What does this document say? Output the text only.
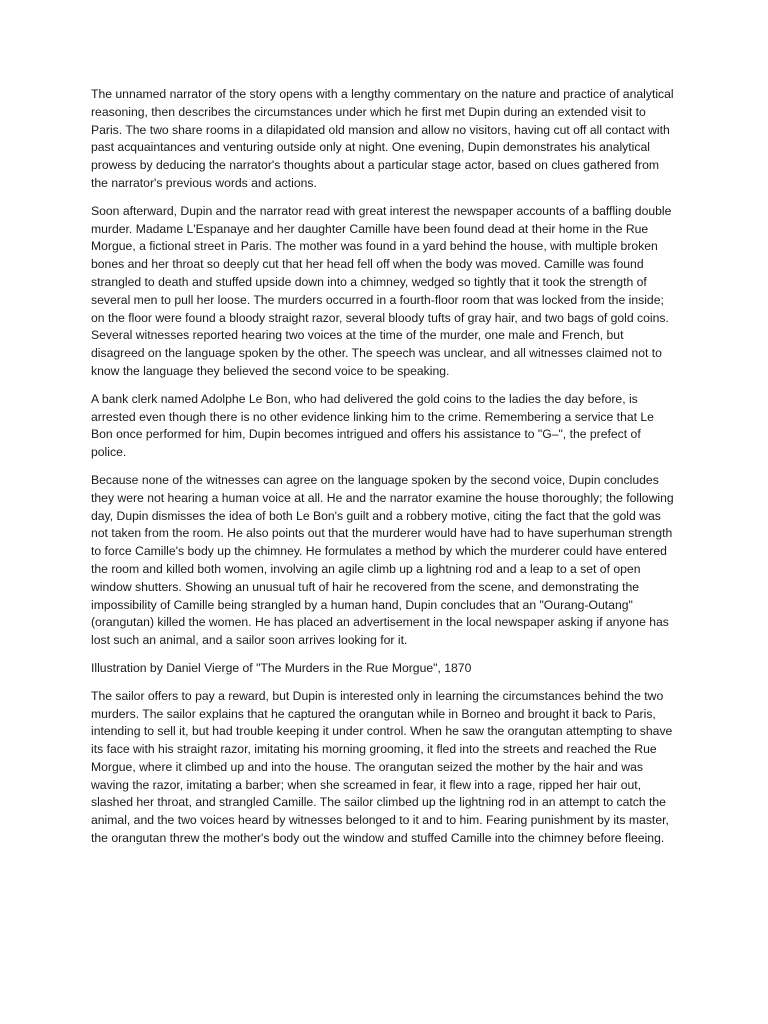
The unnamed narrator of the story opens with a lengthy commentary on the nature and practice of analytical reasoning, then describes the circumstances under which he first met Dupin during an extended visit to Paris. The two share rooms in a dilapidated old mansion and allow no visitors, having cut off all contact with past acquaintances and venturing outside only at night. One evening, Dupin demonstrates his analytical prowess by deducing the narrator's thoughts about a particular stage actor, based on clues gathered from the narrator's previous words and actions.

Soon afterward, Dupin and the narrator read with great interest the newspaper accounts of a baffling double murder. Madame L'Espanaye and her daughter Camille have been found dead at their home in the Rue Morgue, a fictional street in Paris. The mother was found in a yard behind the house, with multiple broken bones and her throat so deeply cut that her head fell off when the body was moved. Camille was found strangled to death and stuffed upside down into a chimney, wedged so tightly that it took the strength of several men to pull her loose. The murders occurred in a fourth-floor room that was locked from the inside; on the floor were found a bloody straight razor, several bloody tufts of gray hair, and two bags of gold coins. Several witnesses reported hearing two voices at the time of the murder, one male and French, but disagreed on the language spoken by the other. The speech was unclear, and all witnesses claimed not to know the language they believed the second voice to be speaking.

A bank clerk named Adolphe Le Bon, who had delivered the gold coins to the ladies the day before, is arrested even though there is no other evidence linking him to the crime. Remembering a service that Le Bon once performed for him, Dupin becomes intrigued and offers his assistance to "G–", the prefect of police.

Because none of the witnesses can agree on the language spoken by the second voice, Dupin concludes they were not hearing a human voice at all. He and the narrator examine the house thoroughly; the following day, Dupin dismisses the idea of both Le Bon's guilt and a robbery motive, citing the fact that the gold was not taken from the room. He also points out that the murderer would have had to have superhuman strength to force Camille's body up the chimney. He formulates a method by which the murderer could have entered the room and killed both women, involving an agile climb up a lightning rod and a leap to a set of open window shutters. Showing an unusual tuft of hair he recovered from the scene, and demonstrating the impossibility of Camille being strangled by a human hand, Dupin concludes that an "Ourang-Outang" (orangutan) killed the women. He has placed an advertisement in the local newspaper asking if anyone has lost such an animal, and a sailor soon arrives looking for it.

Illustration by Daniel Vierge of "The Murders in the Rue Morgue", 1870

The sailor offers to pay a reward, but Dupin is interested only in learning the circumstances behind the two murders. The sailor explains that he captured the orangutan while in Borneo and brought it back to Paris, intending to sell it, but had trouble keeping it under control. When he saw the orangutan attempting to shave its face with his straight razor, imitating his morning grooming, it fled into the streets and reached the Rue Morgue, where it climbed up and into the house. The orangutan seized the mother by the hair and was waving the razor, imitating a barber; when she screamed in fear, it flew into a rage, ripped her hair out, slashed her throat, and strangled Camille. The sailor climbed up the lightning rod in an attempt to catch the animal, and the two voices heard by witnesses belonged to it and to him. Fearing punishment by its master, the orangutan threw the mother's body out the window and stuffed Camille into the chimney before fleeing.
